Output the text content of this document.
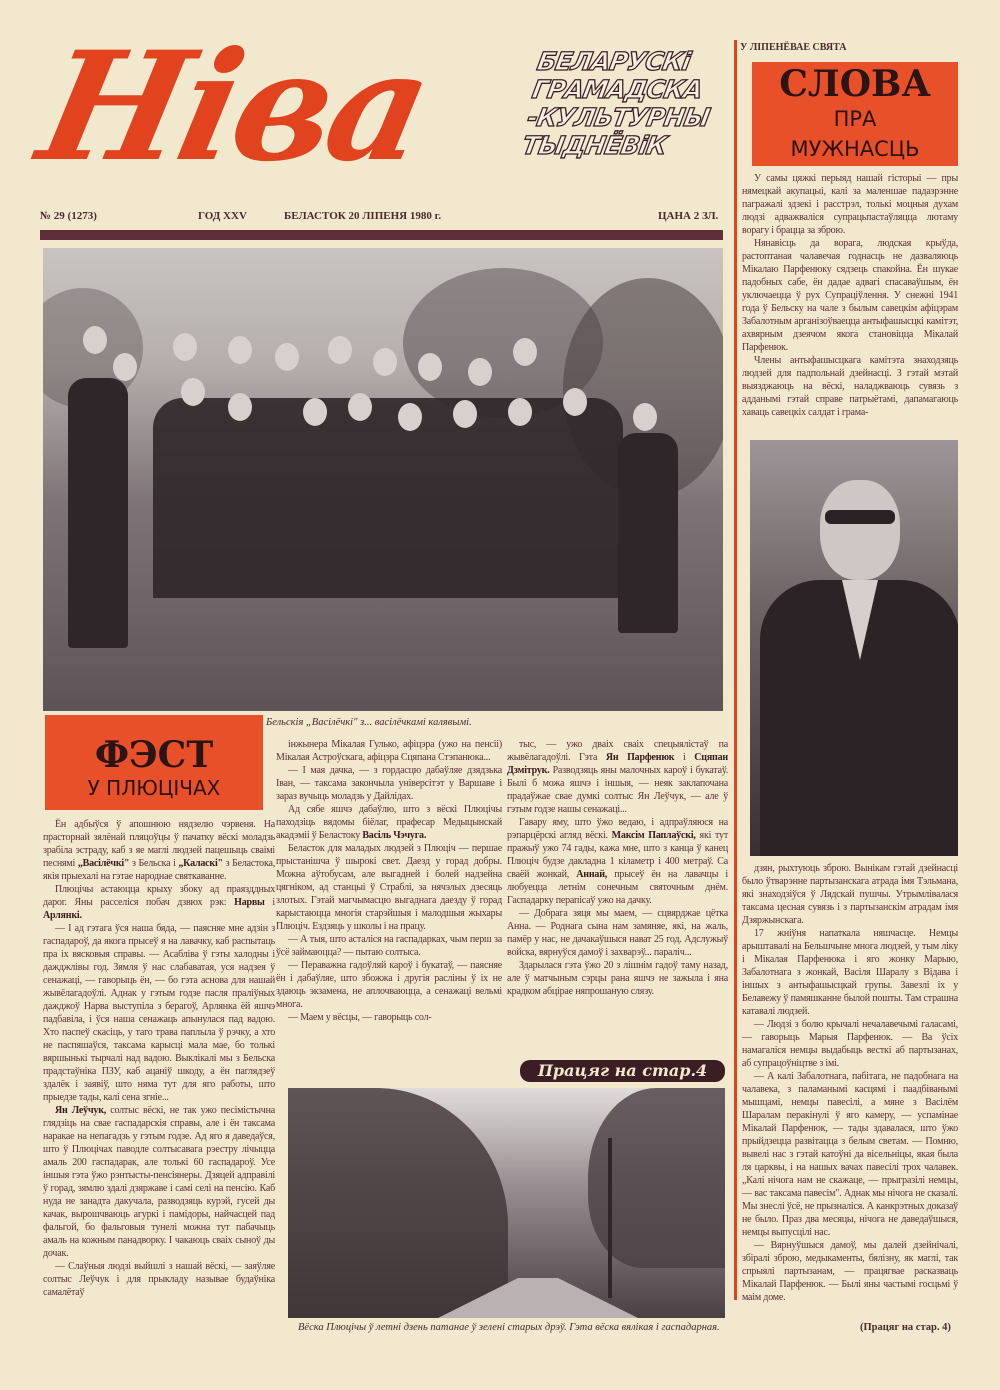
Ніва	БЕЛАРУСКі
ГРАМАДСКА
-КУЛЬТУРНЫ
ТЫДНЁВіК
№ 29 (1273)	ГОД XXV	БЕЛАСТОК 20 ЛІПЕНЯ 1980 г.	ЦАНА 2 ЗЛ.
Бельскія „Васілёчкі" з... васілёчкамі калявымі.
ФЭСТ
У ПЛЮЦІЧАХ

Ён адбыўся ў апошнюю нядзелю чэрвеня. На прасторнай зялёнай пляцоўцы ў пачатку вёскі моладзь зрабіла эстраду, каб з яе маглі людзей пацешыць сваімі песнямі „Васілёчкі" з Бельска і „Каласкі" з Беластока, якія прыехалі на гэтае народнае святкаванне.

Плюцічы астаюцца крыху збоку ад праязддных дарог. Яны расселіся побач дзвюх рэк: Нарвы і Арлянкі.

— І ад гэтага ўся наша бяда, — паясняе мне адзін з гаспадароў, да якога прысеў я на лавачку, каб распытаць пра іх вясковыя справы. — Асабліва ў гэты халодны і дажджлівы год. Зямля ў нас слабаватая, уся надзея ў сенажаці, — гаворыць ён, — бо гэта аснова для нашай жывёлагадоўлі. Аднак у гэтым годзе пасля праліўных дажджоў Нарва выступіла з берагоў, Арлянка ёй яшчэ падбавіла, і ўся наша сенажаць апынулася пад вадою. Хто паспеў скасіць, у таго трава паплыла ў рэчку, а хто не паспяшаўся, таксама карысці мала мае, бо толькі вяршынькі тырчалі над вадою. Выклікалі мы з Бельска прадстаўніка ПЗУ, каб ацаніў шкоду, а ён паглядзеў здалёк і заявіў, што няма тут для яго работы, што прыедзе тады, калі сена згніе...

Ян Леўчук, солтыс вёскі, не так ужо песімістычна глядзіць на свае гаспадарскія справы, але і ён таксама наракае на непагадзь у гэтым годзе. Ад яго я даведаўся, што ў Плюцічах паводле солтысавага рэестру лічыцца амаль 200 гаспадарак, але толькі 60 гаспадароў. Усе іншыя гэта ўжо рэнтысты-пенсіянеры. Дзяцей адправілі ў горад, зямлю здалі дзяржаве і самі селі на пенсію. Каб нуда не занадта дакучала, разводзяць курэй, гусей ды качак, вырошчваюць агуркі і памідоры, найчасцей пад фальгой, бо фальговыя тунелі можна тут пабачыць амаль на кожным панадворку. І чакаюць сваіх сыноў ды дочак.

— Слаўныя людзі выйшлі з нашай вёскі, — заяўляе солтыс Леўчук і для прыкладу называе будаўніка самалётаў

інжынера Мікалая Гулько, афіцэра (ужо на пенсіі) Мікалая Астроўскага, афіцэра Сцяпана Стэпанюка...

— І мая дачка, — з гордасцю дабаўляе дзядзька Іван, — таксама закончыла універсітэт у Варшаве і зараз вучыць моладзь у Дайлідах.

Ад сябе яшчэ дабаўлю, што з вёскі Плюцічы паходзіць вядомы біёлаг, прафесар Медыцынскай акадэміі ў Беластоку Васіль Чэчуга.

Беласток для маладых людзей з Плюціч — першае прыстанішча ў шырокі свет. Даезд у горад добры. Можна аўтобусам, але выгадней і болей надзейна цягніком, ад станцыі ў Страблі, за нячэлых дзесяць злотых. Гэтай магчымасцю выгаднага даезду ў горад карыстаюцца многія старэйшыя і малодшыя жыхары Плюціч. Ездзяць у школы і на працу.

— А тыя, што асталіся на гаспадарках, чым перш за ўсё займаюцца? — пытаю солтыса.

— Пераважна гадоўляй кароў і букатаў, — паясняе ён і дабаўляе, што збожжа і другія расліны ў іх не здаюць экзамена, не аплочваюцца, а сенажаці вельмі многа.

— Маем у вёсцы, — гаворыць сол-

тыс, — ужо двaіх сваіх спецыялістаў па жывёлагадоўлі. Гэта Ян Парфенюк і Сцяпан Дзмітрук. Разводзяць яны малочных кароў і букатаў. Былі б можа яшчэ і іншыя, — неяк заклапочана прадаўжае свае думкі солтыс Ян Леўчук, — але ў гэтым годзе нашы сенажаці...

Гавару яму, што ўжо ведаю, і адпраўляюся на рэпарцёрскі агляд вёскі. Максім Паплаўскі, які тут пражыў ужо 74 гады, кажа мне, што з канца ў канец Плюціч будзе дакладна 1 кіламетр і 400 метраў. Са сваёй жонкай, Аннай, прысеў ён на лавачцы і любуецца летнім сонечным святочным днём. Гаспадарку перапісаў ужо на дачку.

— Добрага зяця мы маем, — сцвярджае цётка Анна. — Роднага сына нам замяняе, які, на жаль, памёр у нас, не дачакаўшыся нават 25 год. Адслужыў войска, вярнуўся дамоў і захварэў... параліч...

Здарылася гэта ўжо 20 з лішнім гадоў таму назад, але ў матчыным сэрцы рана яшчэ не зажыла і яна крадком абцірае няпрошаную слязу.

Працяг на стар.4
Вёска Плюцічы ў летні дзень патанае ў зелені старых дрэў. Гэта вёска вялікая і гаспадарная.
У ЛІПЕНЁВАЕ СВЯТА
СЛОВА
ПРА
МУЖНАСЦЬ

У самы цяжкі перыяд нашай гісторыі — пры нямецкай акупацыі, калі за маленшае падазрэнне пагражалі здзекі і расстрэл, толькі моцныя духам людзі адважваліся супрацьпастаўляцца лютаму ворагу і брацца за зброю.

Нянавісць да ворага, людская крыўда, растоптаная чалавечая годнасць не дазваляюць Мікалаю Парфенюку сядзець спакойна. Ён шукае падобных сабе, ён дадае адвагі спасаваўшым, ён уключаецца ў рух Супраціўлення. У снежні 1941 года ў Бельску на чале з былым савецкім афіцэрам Забалотным арганізоўваецца антыфашысцкі камітэт, ахвярным дзеячом якога становіцца Мікалай Парфенюк.

Члены антыфашысцкага камітэта знаходзяць людзей для падпольнай дзейнасці. З гэтай мэтай выязджаюць на вёскі, наладжваюць сувязь з адданымі гэтай справе патрыётамі, дапамагаюць хаваць савецкіх салдат і грама-

дзян, рыхтуюць зброю. Вынікам гэтай дзейнасці было ўтварэнне партызанскага атрада імя Тэльмана, які знаходзіўся ў Лядскай пушчы. Утрымлівалася таксама цесная сувязь і з партызанскім атрадам імя Дзяржынскага.

17 жніўня напаткала няшчасце. Немцы арыштавалі на Бельшчыне многа людзей, у тым ліку і Мікалая Парфенюка і яго жонку Марыю, Забалотнага з жонкай, Васіля Шаралу з Відава і іншых з антыфашысцкай групы. Завезлі іх у Белавежу ў памяшканне былой пошты. Там страшна катавалі людзей.

— Людзі з болю крычалі нечалавечымі галасамі, — гаворыць Марыя Парфенюк. — Ва ўсіх намагаліся немцы выдабыць весткі аб партызанах, аб супрацоўніцтве з імі.

— А калі Забалотнага, пабітага, не падобнага на чалавека, з паламанымі касцямі і паадбіванымі мышцамі, немцы павесілі, а мяне з Васілём Шаралам перакінулі ў яго камеру, — успамінае Мікалай Парфенюк, — тады здавалася, што ўжо прыйдзецца развітацца з белым светам. — Помню, вывелі нас з гэтай катоўні да вісельніцы, якая была ля царквы, і на нашых вачах павесілі трох чалавек. „Калі нічога нам не скажаце, — прыгразілі немцы, — вас таксама павесім". Аднак мы нічога не сказалі. Мы знеслі ўсё, не прызналіся. А канкрэтных доказаў не было. Праз два месяцы, нічога не даведаўшыся, немцы выпусцілі нас.

— Вярнуўшыся дамоў, мы далей дзейнічалі, збіралі зброю, медыкаменты, бялізну, як маглі, так спрыялі партызанам, — працягвае расказваць Мікалай Парфенюк. — Былі яны частымі госцьмі ў маім доме.

(Працяг на стар. 4)
